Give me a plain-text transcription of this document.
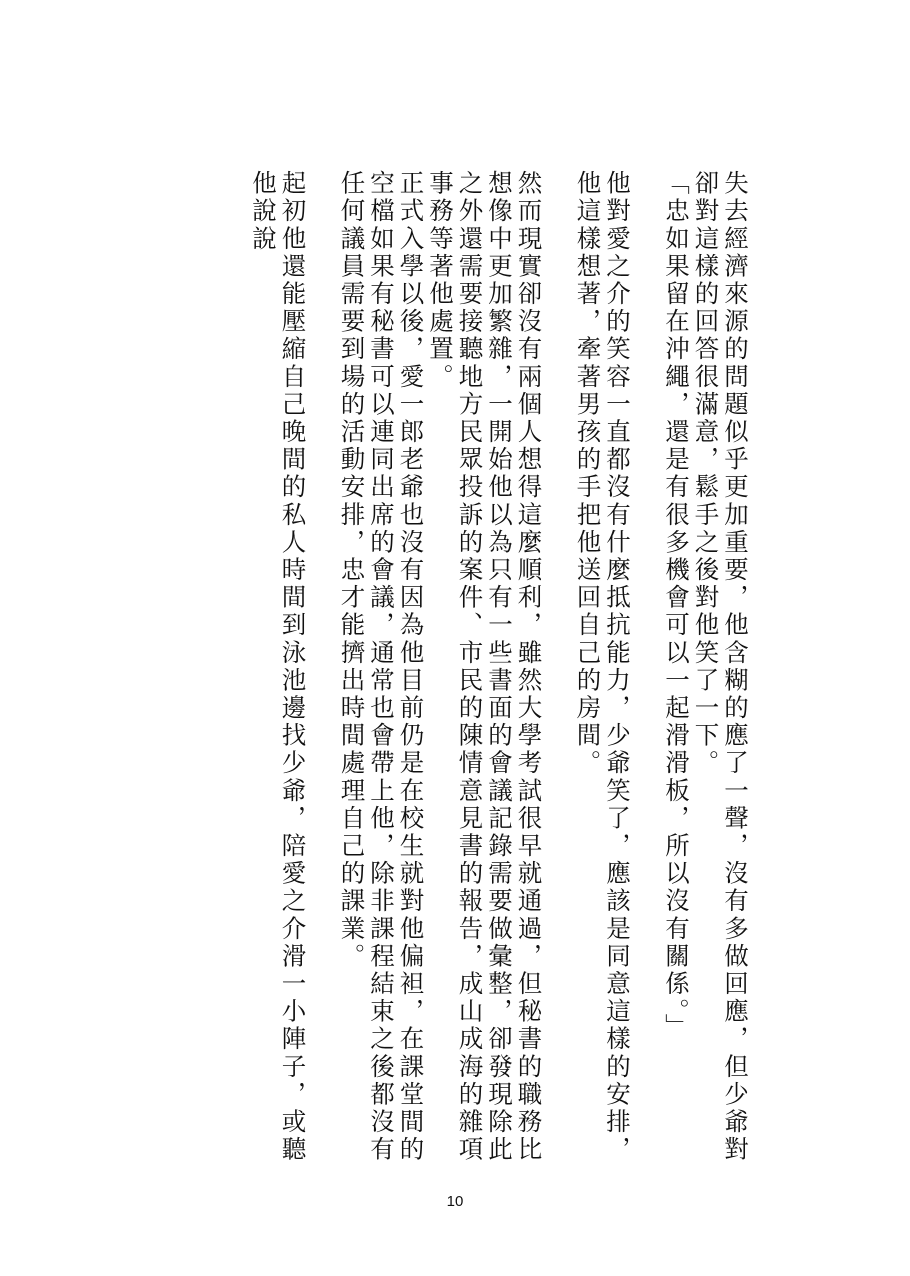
失去經濟來源的問題似乎更加重要，他含糊的應了一聲，沒有多做回應，但少爺對卻對這樣的回答很滿意，鬆手之後對他笑了一下。

「忠如果留在沖繩，還是有很多機會可以一起滑滑板，所以沒有關係。」

他對愛之介的笑容一直都沒有什麼抵抗能力，少爺笑了，應該是同意這樣的安排，他這樣想著，牽著男孩的手把他送回自己的房間。

然而現實卻沒有兩個人想得這麼順利，雖然大學考試很早就通過，但秘書的職務比想像中更加繁雜，一開始他以為只有一些書面的會議記錄需要做彙整，卻發現除此之外還需要接聽地方民眾投訴的案件、市民的陳情意見書的報告，成山成海的雜項事務等著他處置。

正式入學以後，愛一郎老爺也沒有因為他目前仍是在校生就對他偏袒，在課堂間的空檔如果有秘書可以連同出席的會議，通常也會帶上他，除非課程結束之後都沒有任何議員需要到場的活動安排，忠才能擠出時間處理自己的課業。

起初他還能壓縮自己晚間的私人時間到泳池邊找少爺，陪愛之介滑一小陣子，或聽他說說

10
